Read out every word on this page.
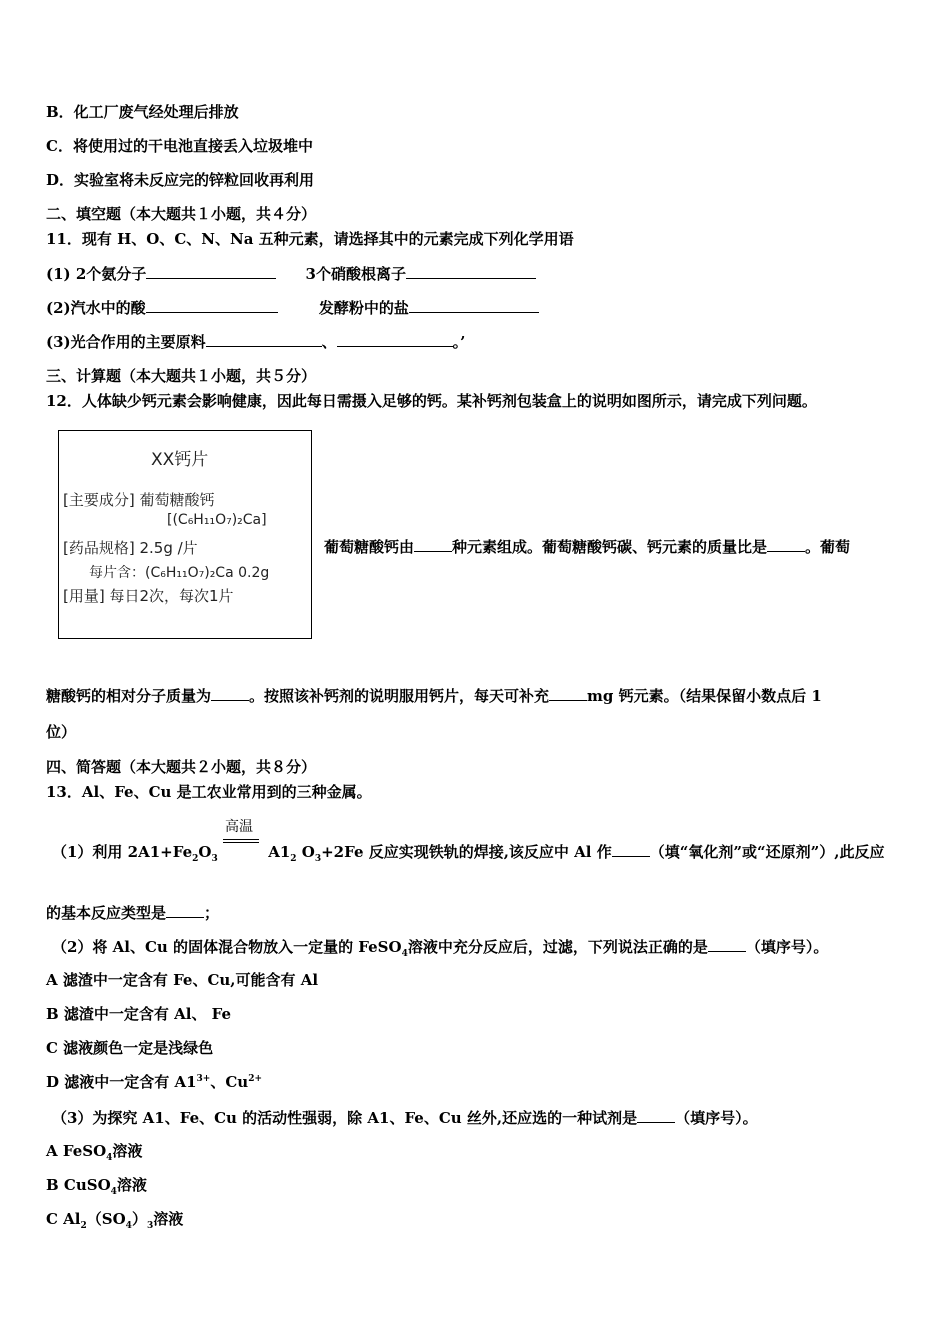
B．化工厂废气经处理后排放
C．将使用过的干电池直接丢入垃圾堆中
D．实验室将未反应完的锌粒回收再利用
二、填空题（本大题共１小题，共４分）
11．现有 H、O、C、N、Na 五种元素，请选择其中的元素完成下列化学用语
(1) 2个氨分子	3个硝酸根离子
(2)汽水中的酸	发酵粉中的盐
(3)光合作用的主要原料	、	。’
三、计算题（本大题共１小题，共５分）
12．人体缺少钙元素会影响健康，因此每日需摄入足够的钙。某补钙剂包装盒上的说明如图所示，请完成下列问题。
XX钙片
[主要成分] 葡萄糖酸钙
[(C₆H₁₁O₇)₂Ca]
[药品规格] 2.5g /片
每片含：(C₆H₁₁O₇)₂Ca 0.2g
[用量] 每日2次，每次1片
葡萄糖酸钙由	种元素组成。葡萄糖酸钙碳、钙元素的质量比是	。葡萄
糖酸钙的相对分子质量为	。按照该补钙剂的说明服用钙片，每天可补充	mg 钙元素。（结果保留小数点后 1
位）
四、简答题（本大题共２小题，共８分）
13．Al、Fe、Cu 是工农业常用到的三种金属。
（1）利用 $2A1+Fe_2O_3$
高温
$A1_2$ $O_3+2Fe$ 反应实现铁轨的焊接,该反应中 Al 作	（填“氧化剂”或“还原剂”）,此反应
的基本反应类型是	；
（2）将 Al、Cu 的固体混合物放入一定量的 FeSO$_4$溶液中充分反应后，过滤，下列说法正确的是	（填序号）。
A 滤渣中一定含有 Fe、Cu,可能含有 Al
B 滤渣中一定含有 Al、 Fe
C 滤液颜色一定是浅绿色
D 滤液中一定含有 $A1^{3+}$、$Cu^{2+}$
（3）为探究 A1、Fe、Cu 的活动性强弱，除 A1、Fe、Cu 丝外,还应选的一种试剂是	（填序号）。
A FeSO$_4$溶液
B CuSO$_4$溶液
C $Al_2(SO_4)_3$溶液
